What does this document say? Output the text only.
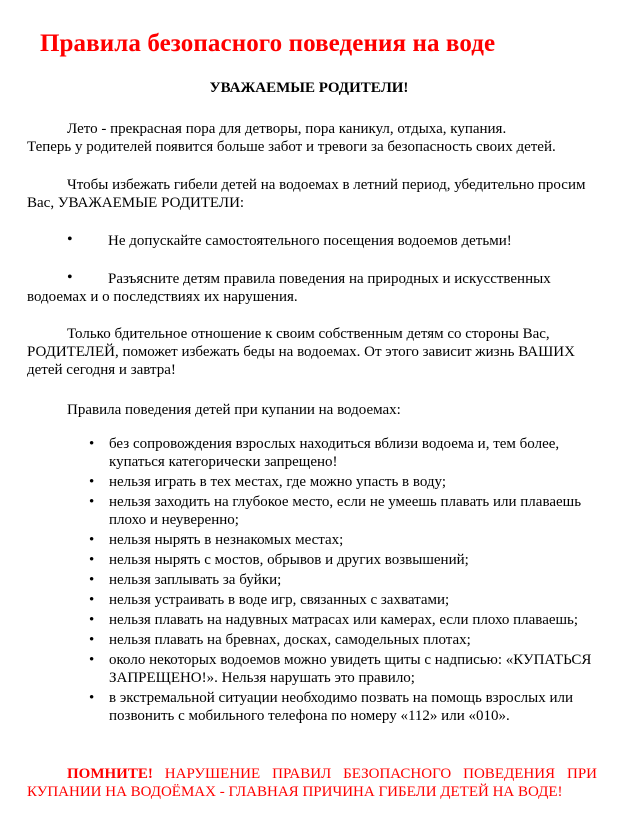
Правила безопасного поведения на воде
УВАЖАЕМЫЕ РОДИТЕЛИ!

Лето - прекрасная пора для детворы, пора каникул, отдыха, купания.

Теперь у родителей появится больше забот и тревоги за безопасность своих детей.

Чтобы избежать гибели детей на водоемах в летний период, убедительно просим Вас, УВАЖАЕМЫЕ РОДИТЕЛИ:

•	Не допускайте самостоятельного посещения водоемов детьми!
•	Разъясните детям правила поведения на природных и искусственных водоемах и о последствиях их нарушения.

Только бдительное отношение к своим собственным детям со стороны Вас, РОДИТЕЛЕЙ, поможет избежать беды на водоемах. От этого зависит жизнь ВАШИХ детей сегодня и завтра!

Правила поведения детей при купании на водоемах:

• без сопровождения взрослых находиться вблизи водоема и, тем более, купаться категорически запрещено!
• нельзя играть в тех местах, где можно упасть в воду;
• нельзя заходить на глубокое место, если не умеешь плавать или плаваешь плохо и неуверенно;
• нельзя нырять в незнакомых местах;
• нельзя нырять с мостов, обрывов и других возвышений;
• нельзя заплывать за буйки;
• нельзя устраивать в воде игр, связанных с захватами;
• нельзя плавать на надувных матрасах или камерах, если плохо плаваешь;
• нельзя плавать на бревнах, досках, самодельных плотах;
• около некоторых водоемов можно увидеть щиты с надписью: «КУПАТЬСЯ ЗАПРЕЩЕНО!». Нельзя нарушать это правило;
• в экстремальной ситуации необходимо позвать на помощь взрослых или позвонить с мобильного телефона по номеру «112» или «010».

ПОМНИТЕ! НАРУШЕНИЕ ПРАВИЛ БЕЗОПАСНОГО ПОВЕДЕНИЯ ПРИ КУПАНИИ НА ВОДОЁМАХ - ГЛАВНАЯ ПРИЧИНА ГИБЕЛИ ДЕТЕЙ НА ВОДЕ!
